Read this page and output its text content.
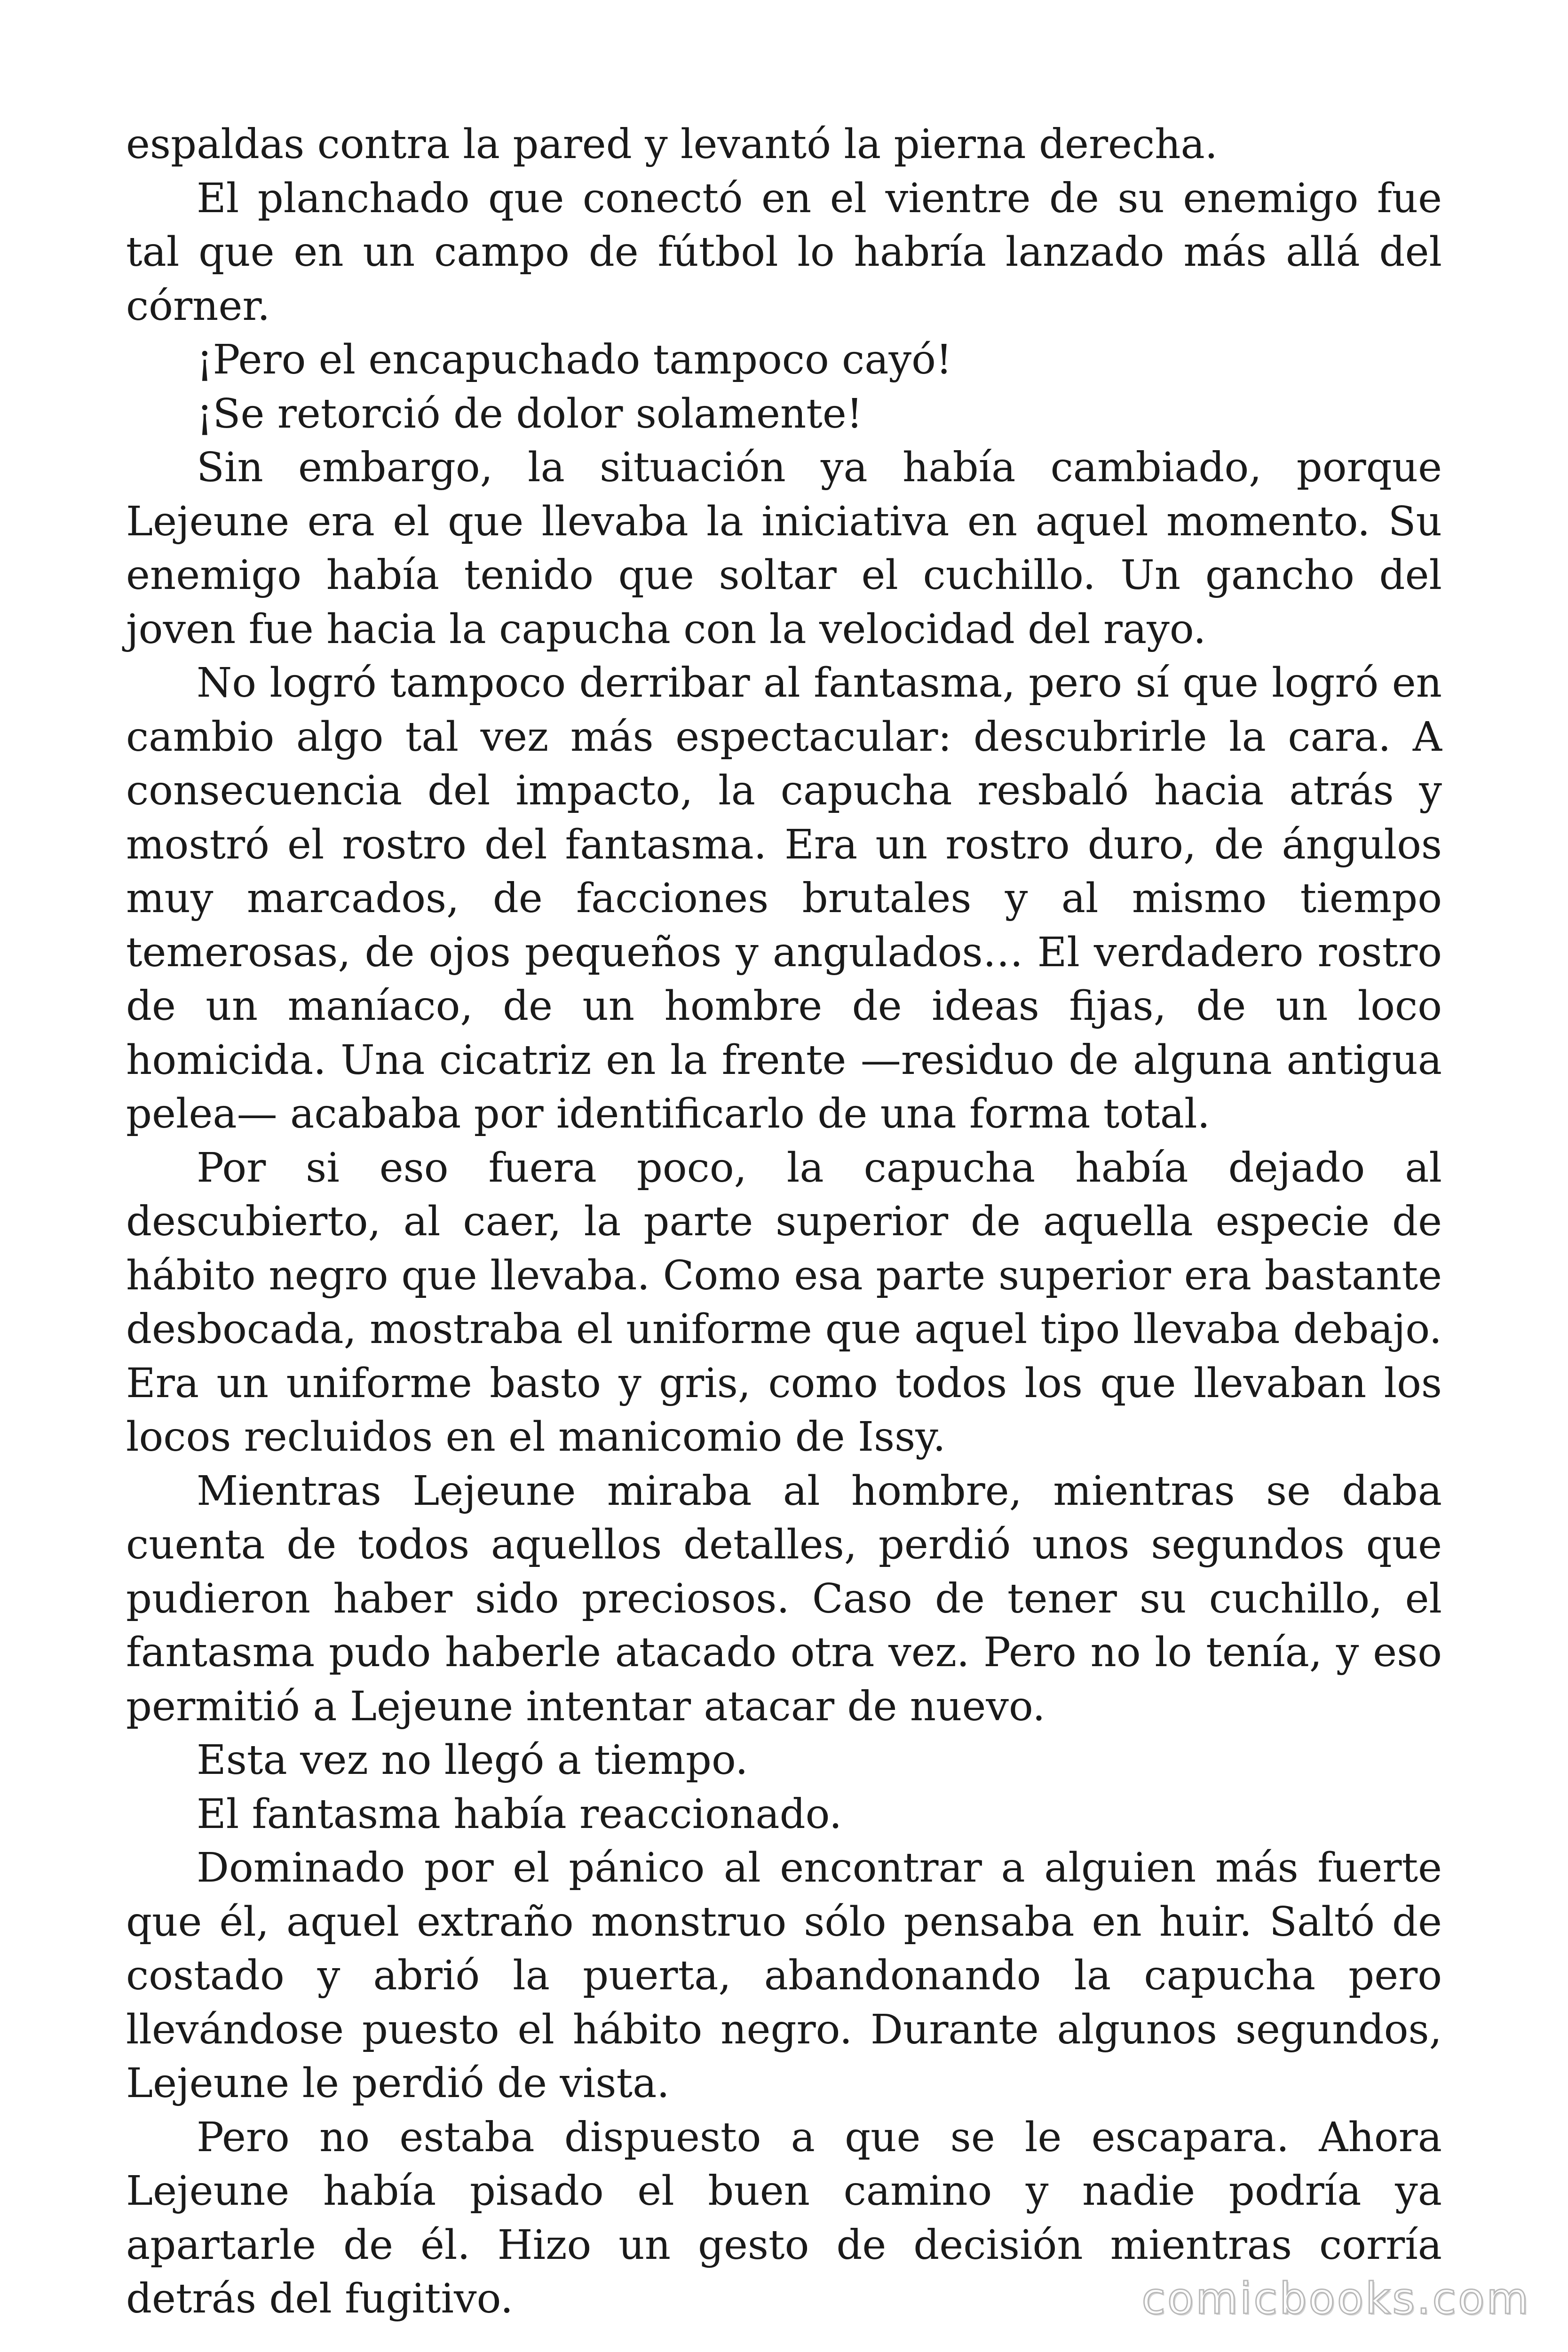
espaldas contra la pared y levantó la pierna derecha.

El planchado que conectó en el vientre de su enemigo fue tal que en un campo de fútbol lo habría lanzado más allá del córner.

¡Pero el encapuchado tampoco cayó!

¡Se retorció de dolor solamente!

Sin embargo, la situación ya había cambiado, porque Lejeune era el que llevaba la iniciativa en aquel momento. Su enemigo había tenido que soltar el cuchillo. Un gancho del joven fue hacia la capucha con la velocidad del rayo.

No logró tampoco derribar al fantasma, pero sí que logró en cambio algo tal vez más espectacular: descubrirle la cara. A consecuencia del impacto, la capucha resbaló hacia atrás y mostró el rostro del fantasma. Era un rostro duro, de ángulos muy marcados, de facciones brutales y al mismo tiempo temerosas, de ojos pequeños y angulados… El verdadero rostro de un maníaco, de un hombre de ideas fijas, de un loco homicida. Una cicatriz en la frente —residuo de alguna antigua pelea— acababa por identificarlo de una forma total.

Por si eso fuera poco, la capucha había dejado al descubierto, al caer, la parte superior de aquella especie de hábito negro que llevaba. Como esa parte superior era bastante desbocada, mostraba el uniforme que aquel tipo llevaba debajo. Era un uniforme basto y gris, como todos los que llevaban los locos recluidos en el manicomio de Issy.

Mientras Lejeune miraba al hombre, mientras se daba cuenta de todos aquellos detalles, perdió unos segundos que pudieron haber sido preciosos. Caso de tener su cuchillo, el fantasma pudo haberle atacado otra vez. Pero no lo tenía, y eso permitió a Lejeune intentar atacar de nuevo.

Esta vez no llegó a tiempo.

El fantasma había reaccionado.

Dominado por el pánico al encontrar a alguien más fuerte que él, aquel extraño monstruo sólo pensaba en huir. Saltó de costado y abrió la puerta, abandonando la capucha pero llevándose puesto el hábito negro. Durante algunos segundos, Lejeune le perdió de vista.

Pero no estaba dispuesto a que se le escapara. Ahora Lejeune había pisado el buen camino y nadie podría ya apartarle de él. Hizo un gesto de decisión mientras corría detrás del fugitivo.	comicbooks.com
